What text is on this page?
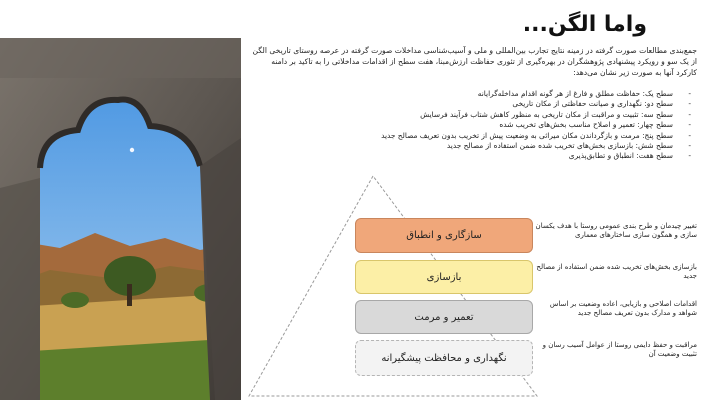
واما الگن...

جمع‌بندی مطالعات صورت گرفته در زمینه نتایج تجارب بین‌المللی و ملی و آسیب‌شناسی مداخلات صورت گرفته در عرصه روستای تاریخی الگن از یک سو و رویکرد پیشنهادی پژوهشگران در بهره‌گیری از تئوری حفاظت ارزش‌مبنا، هفت سطح از اقدامات مداخلاتی را به تاکید بر دامنه کارکرد آنها به صورت زیر نشان می‌دهد:

- سطح یک: حفاظت مطلق و فارغ از هر گونه اقدام مداخله‌گرایانه
- سطح دو: نگهداری و صیانت حفاظتی از مکان تاریخی
- سطح سه: تثبیت و مراقبت از مکان تاریخی به منظور کاهش شتاب فرآیند فرسایش
- سطح چهار: تعمیر و اصلاح مناسب بخش‌های تخریب شده
- سطح پنج: مرمت و بازگرداندن مکان میراثی به وضعیت پیش از تخریب بدون تعریف مصالح جدید
- سطح شش: بازسازی بخش‌های تخریب شده ضمن استفاده از مصالح جدید
- سطح هفت: انطباق و تطابق‌پذیری
سازگاری و انطباق
بازسازی
تعمیر و مرمت
نگهداری و محافظت پیشگیرانه

تغییر چیدمان و طرح بندی عمومی روستا با هدف یکسان سازی و همگون سازی ساختارهای معماری

بازسازی بخش‌های تخریب شده ضمن استفاده از مصالح جدید

اقدامات اصلاحی و بازیابی، اعاده وضعیت بر اساس شواهد و مدارک بدون تعریف مصالح جدید

مراقبت و حفظ دایمی روستا از عوامل آسیب رسان و تثبیت وضعیت آن
